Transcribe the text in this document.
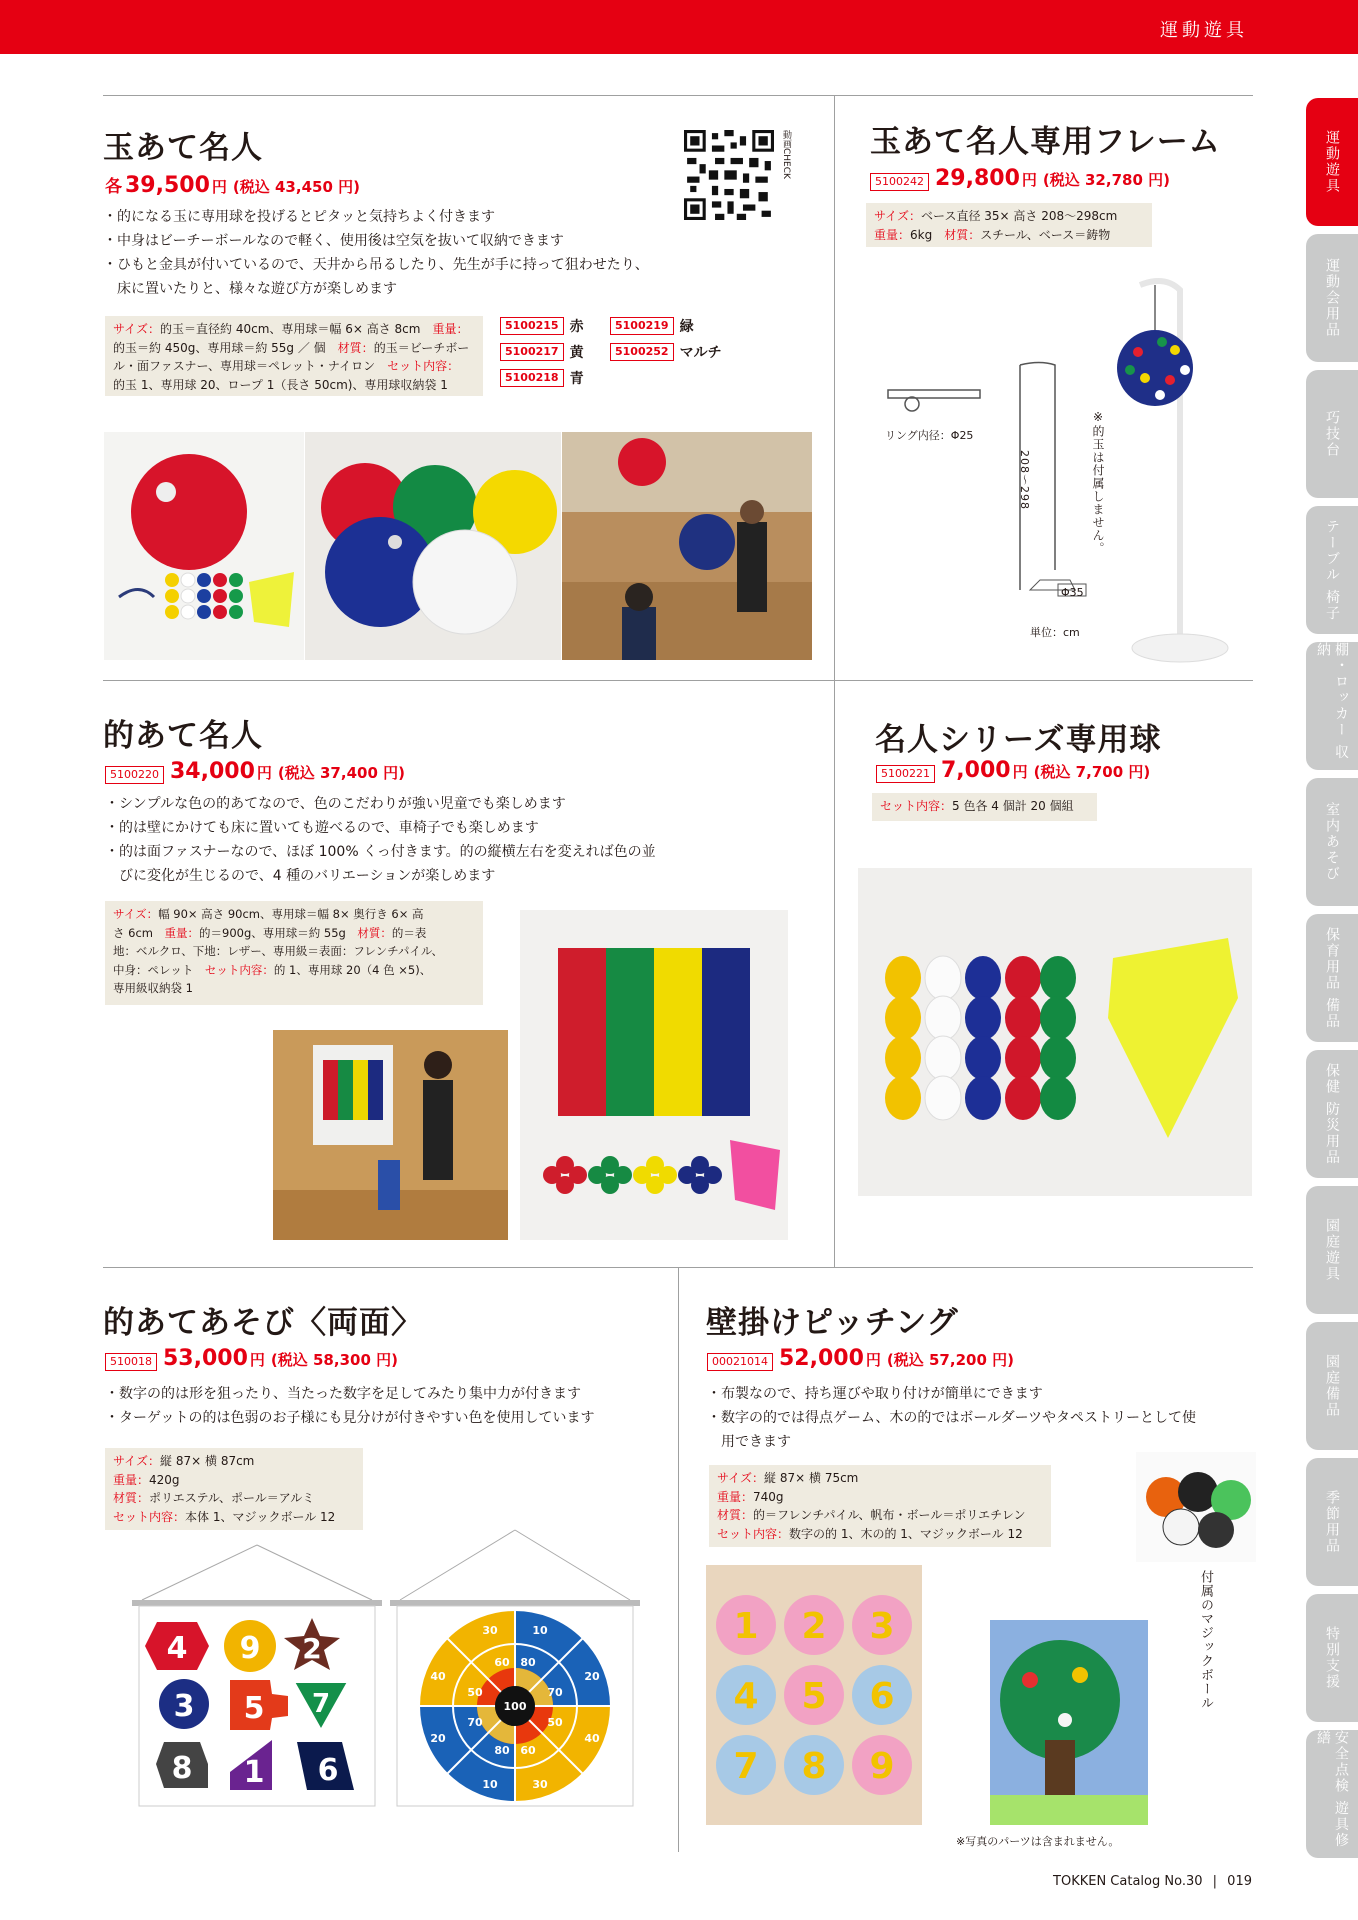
運動遊具
玉あて名人
各 39,500 円 (税込 43,450 円)
動画CHECK
・的になる玉に専用球を投げるとピタッと気持ちよく付きます
・中身はビーチーボールなので軽く、使用後は空気を抜いて収納できます
・ひもと金具が付いているので、天井から吊るしたり、先生が手に持って狙わせたり、
　床に置いたりと、様々な遊び方が楽しめます
サイズ：的玉＝直径約 40cm、専用球＝幅 6× 高さ 8cm　重量：
的玉＝約 450g、専用球＝約 55g ／ 個　材質：的玉＝ビーチボー
ル・面ファスナー、専用球＝ペレット・ナイロン　セット内容：
的玉 1、専用球 20、ロープ 1（長さ 50cm)、専用球収納袋 1
5100215 赤
5100217 黄
5100218 青
5100219 緑
5100252 マルチ
玉あて名人専用フレーム
5100242 29,800 円 (税込 32,780 円)
サイズ：ベース直径 35× 高さ 208〜298cm
重量：6kg　材質：スチール、ベース＝鋳物
リング内径：Φ25
208〜298
Φ35
単位：cm
※的玉は付属しません。
的あて名人
5100220 34,000 円 (税込 37,400 円)
・シンプルな色の的あてなので、色のこだわりが強い児童でも楽しめます
・的は壁にかけても床に置いても遊べるので、車椅子でも楽しめます
・的は面ファスナーなので、ほぼ 100% くっ付きます。的の縦横左右を変えれば色の並
　びに変化が生じるので、4 種のバリエーションが楽しめます
サイズ：幅 90× 高さ 90cm、専用球＝幅 8× 奥行き 6× 高
さ 6cm　重量：的＝900g、専用球＝約 55g　材質：的＝表
地：ベルクロ、下地：レザー、専用級＝表面：フレンチパイル、
中身：ペレット　セット内容：的 1、専用球 20（4 色 ×5)、
専用級収納袋 1
名人シリーズ専用球
5100221 7,000 円 (税込 7,700 円)
セット内容：5 色各 4 個計 20 個組
的あてあそび〈両面〉
510018 53,000 円 (税込 58,300 円)
・数字の的は形を狙ったり、当たった数字を足してみたり集中力が付きます
・ターゲットの的は色弱のお子様にも見分けが付きやすい色を使用しています
サイズ：縦 87× 横 87cm
重量：420g
材質：ポリエステル、ポール＝アルミ
セット内容：本体 1、マジックボール 12
4 9 2
3 5 7
8 1 6
10
20
40
30
10
20
40
30
80
70
50
60
80
70
50
60
100
壁掛けピッチング
00021014 52,000 円 (税込 57,200 円)
・布製なので、持ち運びや取り付けが簡単にできます
・数字の的では得点ゲーム、木の的ではボールダーツやタペストリーとして使
　用できます
サイズ：縦 87× 横 75cm
重量：740g
材質：的＝フレンチパイル、帆布・ボール＝ポリエチレン
セット内容：数字の的 1、木の的 1、マジックボール 12
付属のマジックボール
1 2 3
4 5 6
7 8 9
※写真のパーツは含まれません。
運動遊具
運動会用品
巧技台
テーブル 椅子
棚・ロッカー 収納
室内あそび
保育用品 備品
保健 防災用品
園庭遊具
園庭備品
季節用品
特別支援
安全点検 遊具修繕
TOKKEN Catalog No.30 | 019
